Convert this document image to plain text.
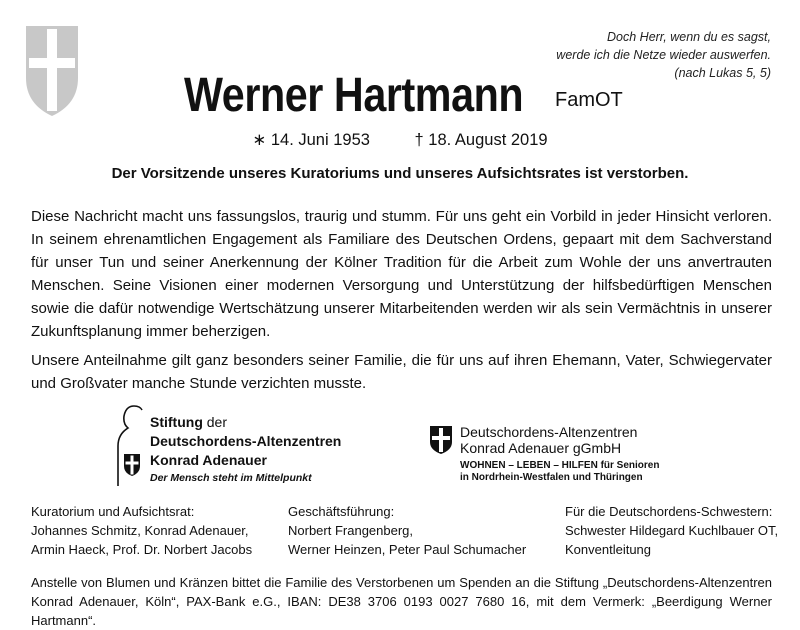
Doch Herr, wenn du es sagst,
werde ich die Netze wieder auswerfen.
(nach Lukas 5, 5)
Werner Hartmann FamOT
∗ 14. Juni 1953	† 18. August 2019
Der Vorsitzende unseres Kuratoriums und unseres Aufsichtsrates ist verstorben.

Diese Nachricht macht uns fassungslos, traurig und stumm. Für uns geht ein Vorbild in jeder Hinsicht verloren. In seinem ehrenamtlichen Engagement als Familiare des Deutschen Ordens, gepaart mit dem Sachverstand für unser Tun und seiner Anerkennung der Kölner Tradition für die Arbeit zum Wohle der uns anvertrauten Menschen. Seine Visionen einer modernen Versorgung und Unterstützung der hilfsbedürftigen Menschen sowie die dafür notwendige Wertschätzung unserer Mitarbeitenden werden wir als sein Vermächtnis in unserer Zukunftsplanung immer beherzigen.

Unsere Anteilnahme gilt ganz besonders seiner Familie, die für uns auf ihren Ehemann, Vater, Schwiegervater und Großvater manche Stunde verzichten musste.

Stiftung der
Deutschordens-Altenzentren
Konrad Adenauer
Der Mensch steht im Mittelpunkt
Deutschordens-Altenzentren
Konrad Adenauer gGmbH
WOHNEN – LEBEN – HILFEN für Senioren
in Nordrhein-Westfalen und Thüringen
Kuratorium und Aufsichtsrat:
Johannes Schmitz, Konrad Adenauer,
Armin Haeck, Prof. Dr. Norbert Jacobs
Geschäftsführung:
Norbert Frangenberg,
Werner Heinzen, Peter Paul Schumacher
Für die Deutschordens-Schwestern:
Schwester Hildegard Kuchlbauer OT,
Konventleitung
Anstelle von Blumen und Kränzen bittet die Familie des Verstorbenen um Spenden an die Stiftung „Deutschordens-Altenzentren Konrad Adenauer, Köln“, PAX-Bank e.G., IBAN: DE38 3706 0193 0027 7680 16, mit dem Vermerk: „Beerdigung Werner Hartmann“.
